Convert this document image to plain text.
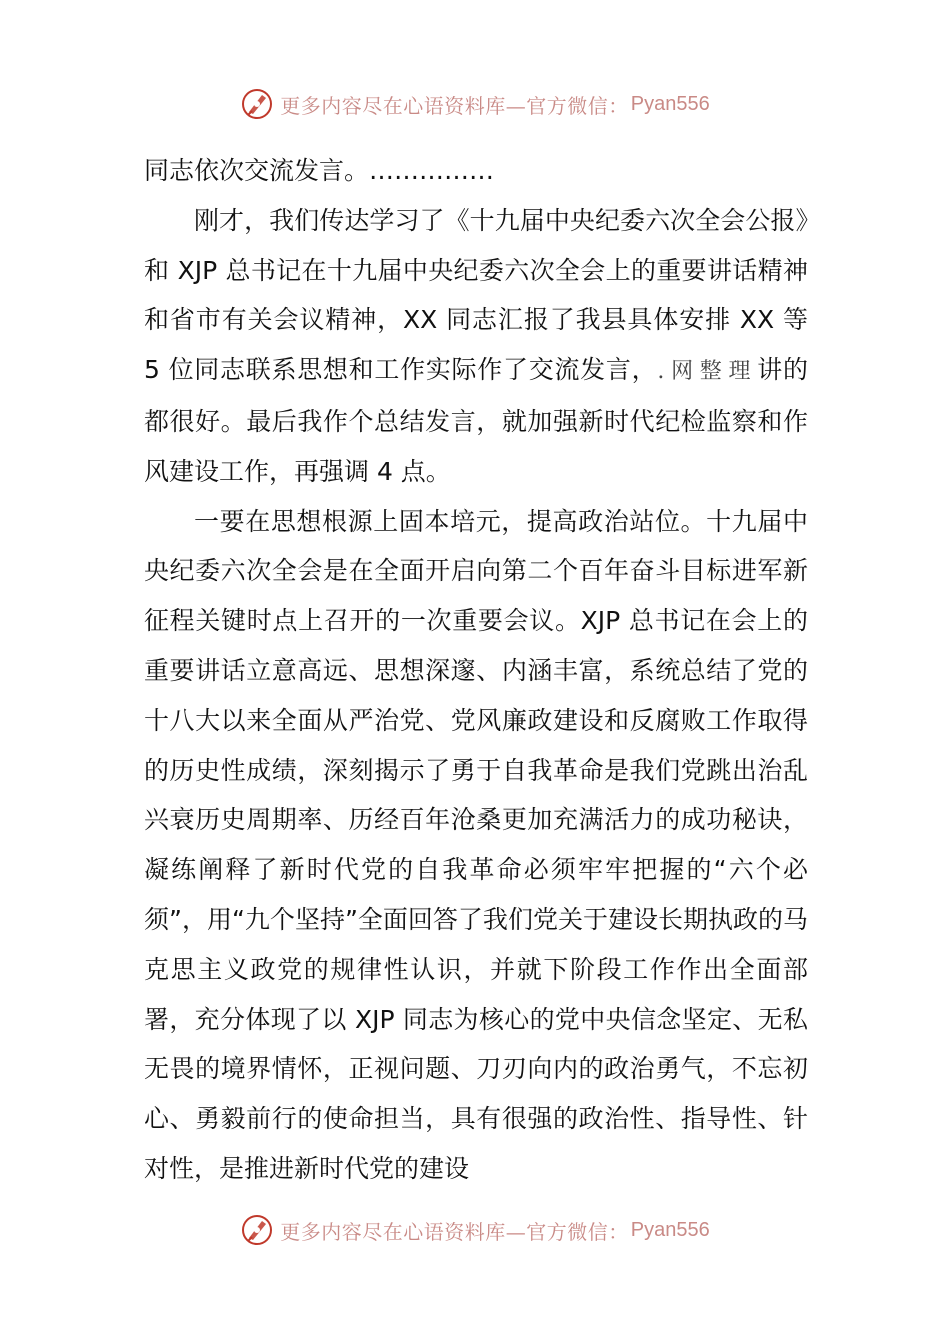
更多内容尽在心语资料库—官方微信： Pyan556

同志依次交流发言。……………

刚才，我们传达学习了《十九届中央纪委六次全会公报》和 XJP 总书记在十九届中央纪委六次全会上的重要讲话精神和省市有关会议精神，XX 同志汇报了我县具体安排 XX 等 5 位同志联系思想和工作实际作了交流发言，.网整理讲的都很好。最后我作个总结发言，就加强新时代纪检监察和作风建设工作，再强调 4 点。

一要在思想根源上固本培元，提高政治站位。十九届中央纪委六次全会是在全面开启向第二个百年奋斗目标进军新征程关键时点上召开的一次重要会议。XJP 总书记在会上的重要讲话立意高远、思想深邃、内涵丰富，系统总结了党的十八大以来全面从严治党、党风廉政建设和反腐败工作取得的历史性成绩，深刻揭示了勇于自我革命是我们党跳出治乱兴衰历史周期率、历经百年沧桑更加充满活力的成功秘诀，凝练阐释了新时代党的自我革命必须牢牢把握的“六个必须”，用“九个坚持”全面回答了我们党关于建设长期执政的马克思主义政党的规律性认识，并就下阶段工作作出全面部署，充分体现了以 XJP 同志为核心的党中央信念坚定、无私无畏的境界情怀，正视问题、刀刃向内的政治勇气，不忘初心、勇毅前行的使命担当，具有很强的政治性、指导性、针对性，是推进新时代党的建设

更多内容尽在心语资料库—官方微信： Pyan556
